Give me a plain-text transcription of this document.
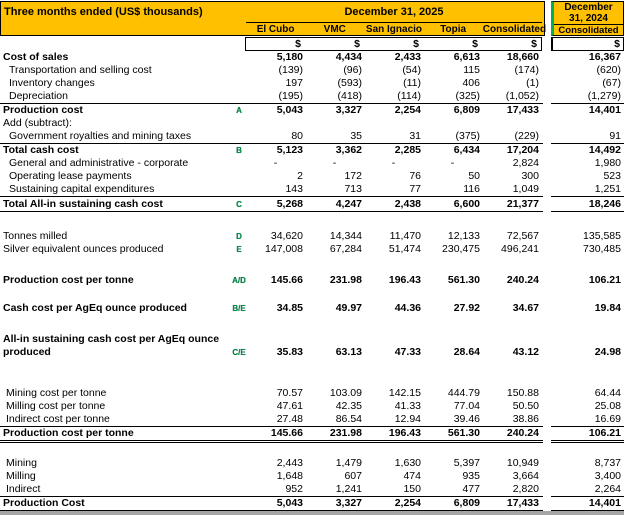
Three months ended (US$ thousands)	December 31, 2025
El Cubo	VMC	San Ignacio	Topia	Consolidated
December
31, 2024
Consolidated
$	$	$	$	$	$
Cost of sales	5,180	4,434	2,433	6,613	18,660	16,367
Transportation and selling cost	(139)	(96)	(54)	115	(174)	(620)
Inventory changes	197	(593)	(11)	406	(1)	(67)
Depreciation	(195)	(418)	(114)	(325)	(1,052)	(1,279)
Production cost	A	5,043	3,327	2,254	6,809	17,433	14,401
Add (subtract):
Government royalties and mining taxes	80	35	31	(375)	(229)	91
Total cash cost	B	5,123	3,362	2,285	6,434	17,204	14,492
General and administrative - corporate	-	-	-	-	2,824	1,980
Operating lease payments	2	172	76	50	300	523
Sustaining capital expenditures	143	713	77	116	1,049	1,251
Total All-in sustaining cash cost	C	5,268	4,247	2,438	6,600	21,377	18,246
Tonnes milled	D	34,620	14,344	11,470	12,133	72,567	135,585
Silver equivalent ounces produced	E	147,008	67,284	51,474	230,475	496,241	730,485
Production cost per tonne	A/D	145.66	231.98	196.43	561.30	240.24	106.21
Cash cost per AgEq ounce produced	B/E	34.85	49.97	44.36	27.92	34.67	19.84
All-in sustaining cash cost per AgEq ounce
produced	C/E	35.83	63.13	47.33	28.64	43.12	24.98
Mining cost per tonne	70.57	103.09	142.15	444.79	150.88	64.44
Milling cost per tonne	47.61	42.35	41.33	77.04	50.50	25.08
Indirect cost per tonne	27.48	86.54	12.94	39.46	38.86	16.69
Production cost per tonne	145.66	231.98	196.43	561.30	240.24	106.21
Mining	2,443	1,479	1,630	5,397	10,949	8,737
Milling	1,648	607	474	935	3,664	3,400
Indirect	952	1,241	150	477	2,820	2,264
Production Cost	5,043	3,327	2,254	6,809	17,433	14,401
